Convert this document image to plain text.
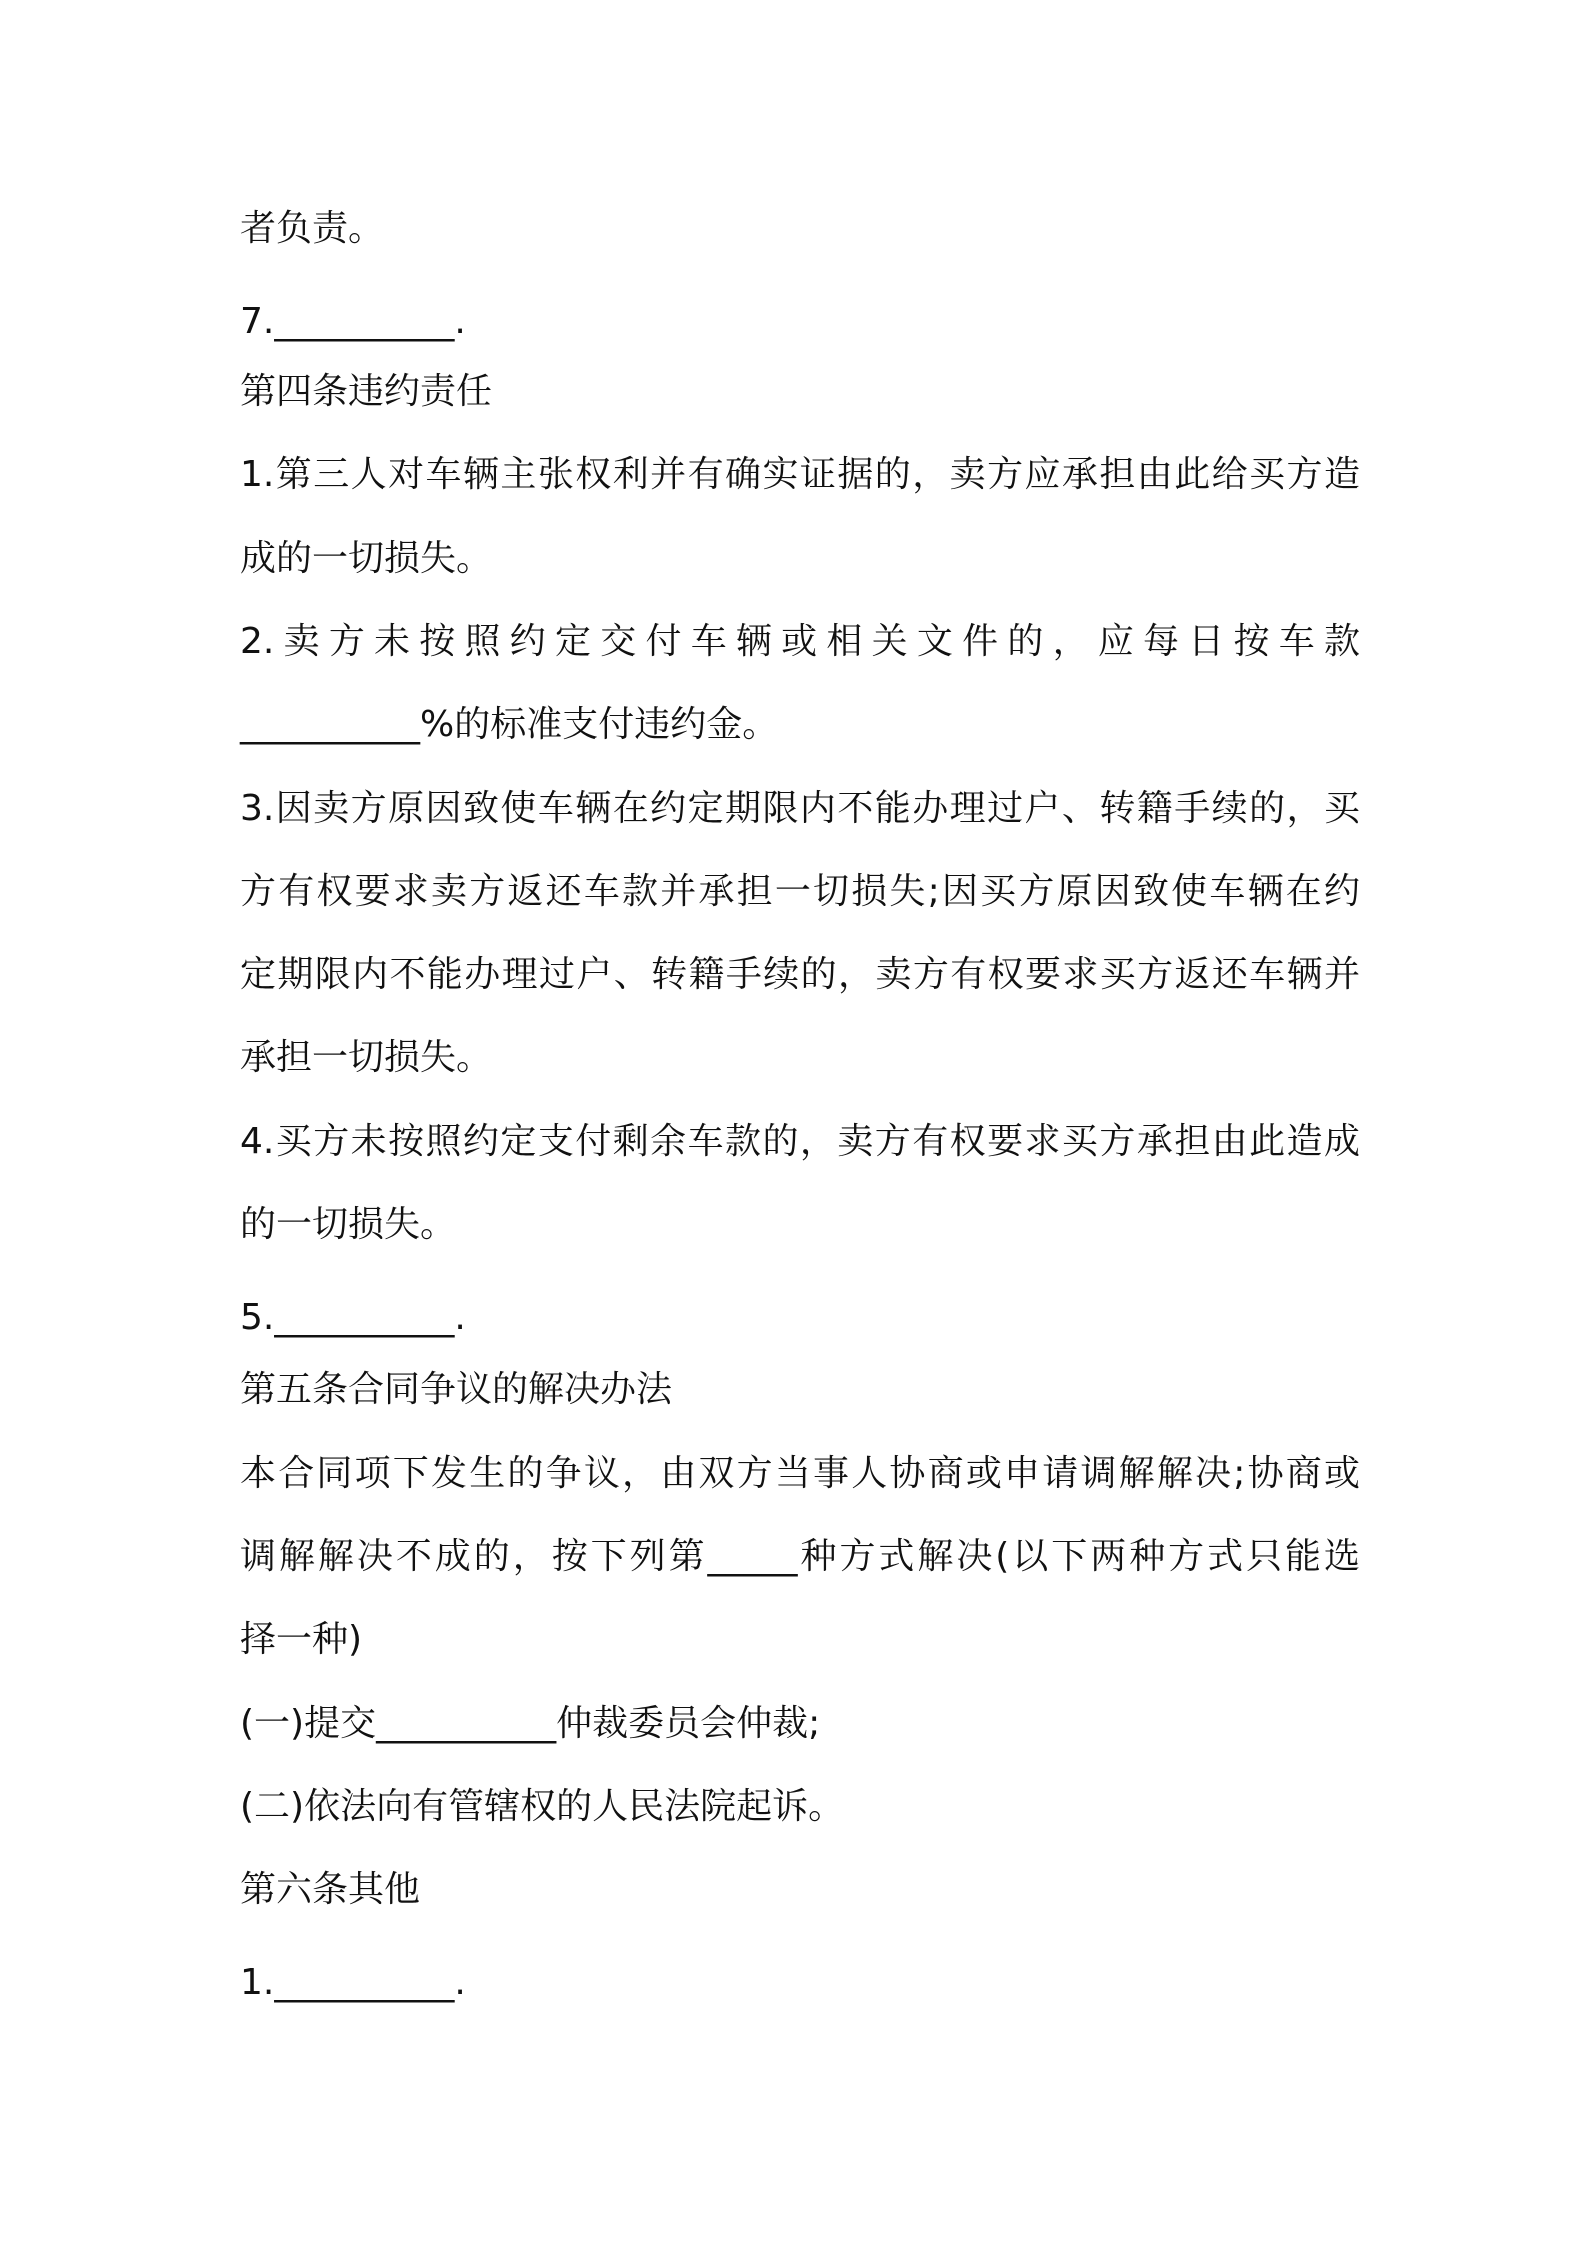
者负责。
7.__________.
第四条违约责任
1.第三人对车辆主张权利并有确实证据的，卖方应承担由此给买方造
成的一切损失。
2.卖方未按照约定交付车辆或相关文件的，应每日按车款
__________%的标准支付违约金。
3.因卖方原因致使车辆在约定期限内不能办理过户、转籍手续的，买
方有权要求卖方返还车款并承担一切损失;因买方原因致使车辆在约
定期限内不能办理过户、转籍手续的，卖方有权要求买方返还车辆并
承担一切损失。
4.买方未按照约定支付剩余车款的，卖方有权要求买方承担由此造成
的一切损失。
5.__________.
第五条合同争议的解决办法
本合同项下发生的争议，由双方当事人协商或申请调解解决;协商或
调解解决不成的，按下列第_____种方式解决(以下两种方式只能选
择一种)
(一)提交__________仲裁委员会仲裁;
(二)依法向有管辖权的人民法院起诉。
第六条其他
1.__________.
